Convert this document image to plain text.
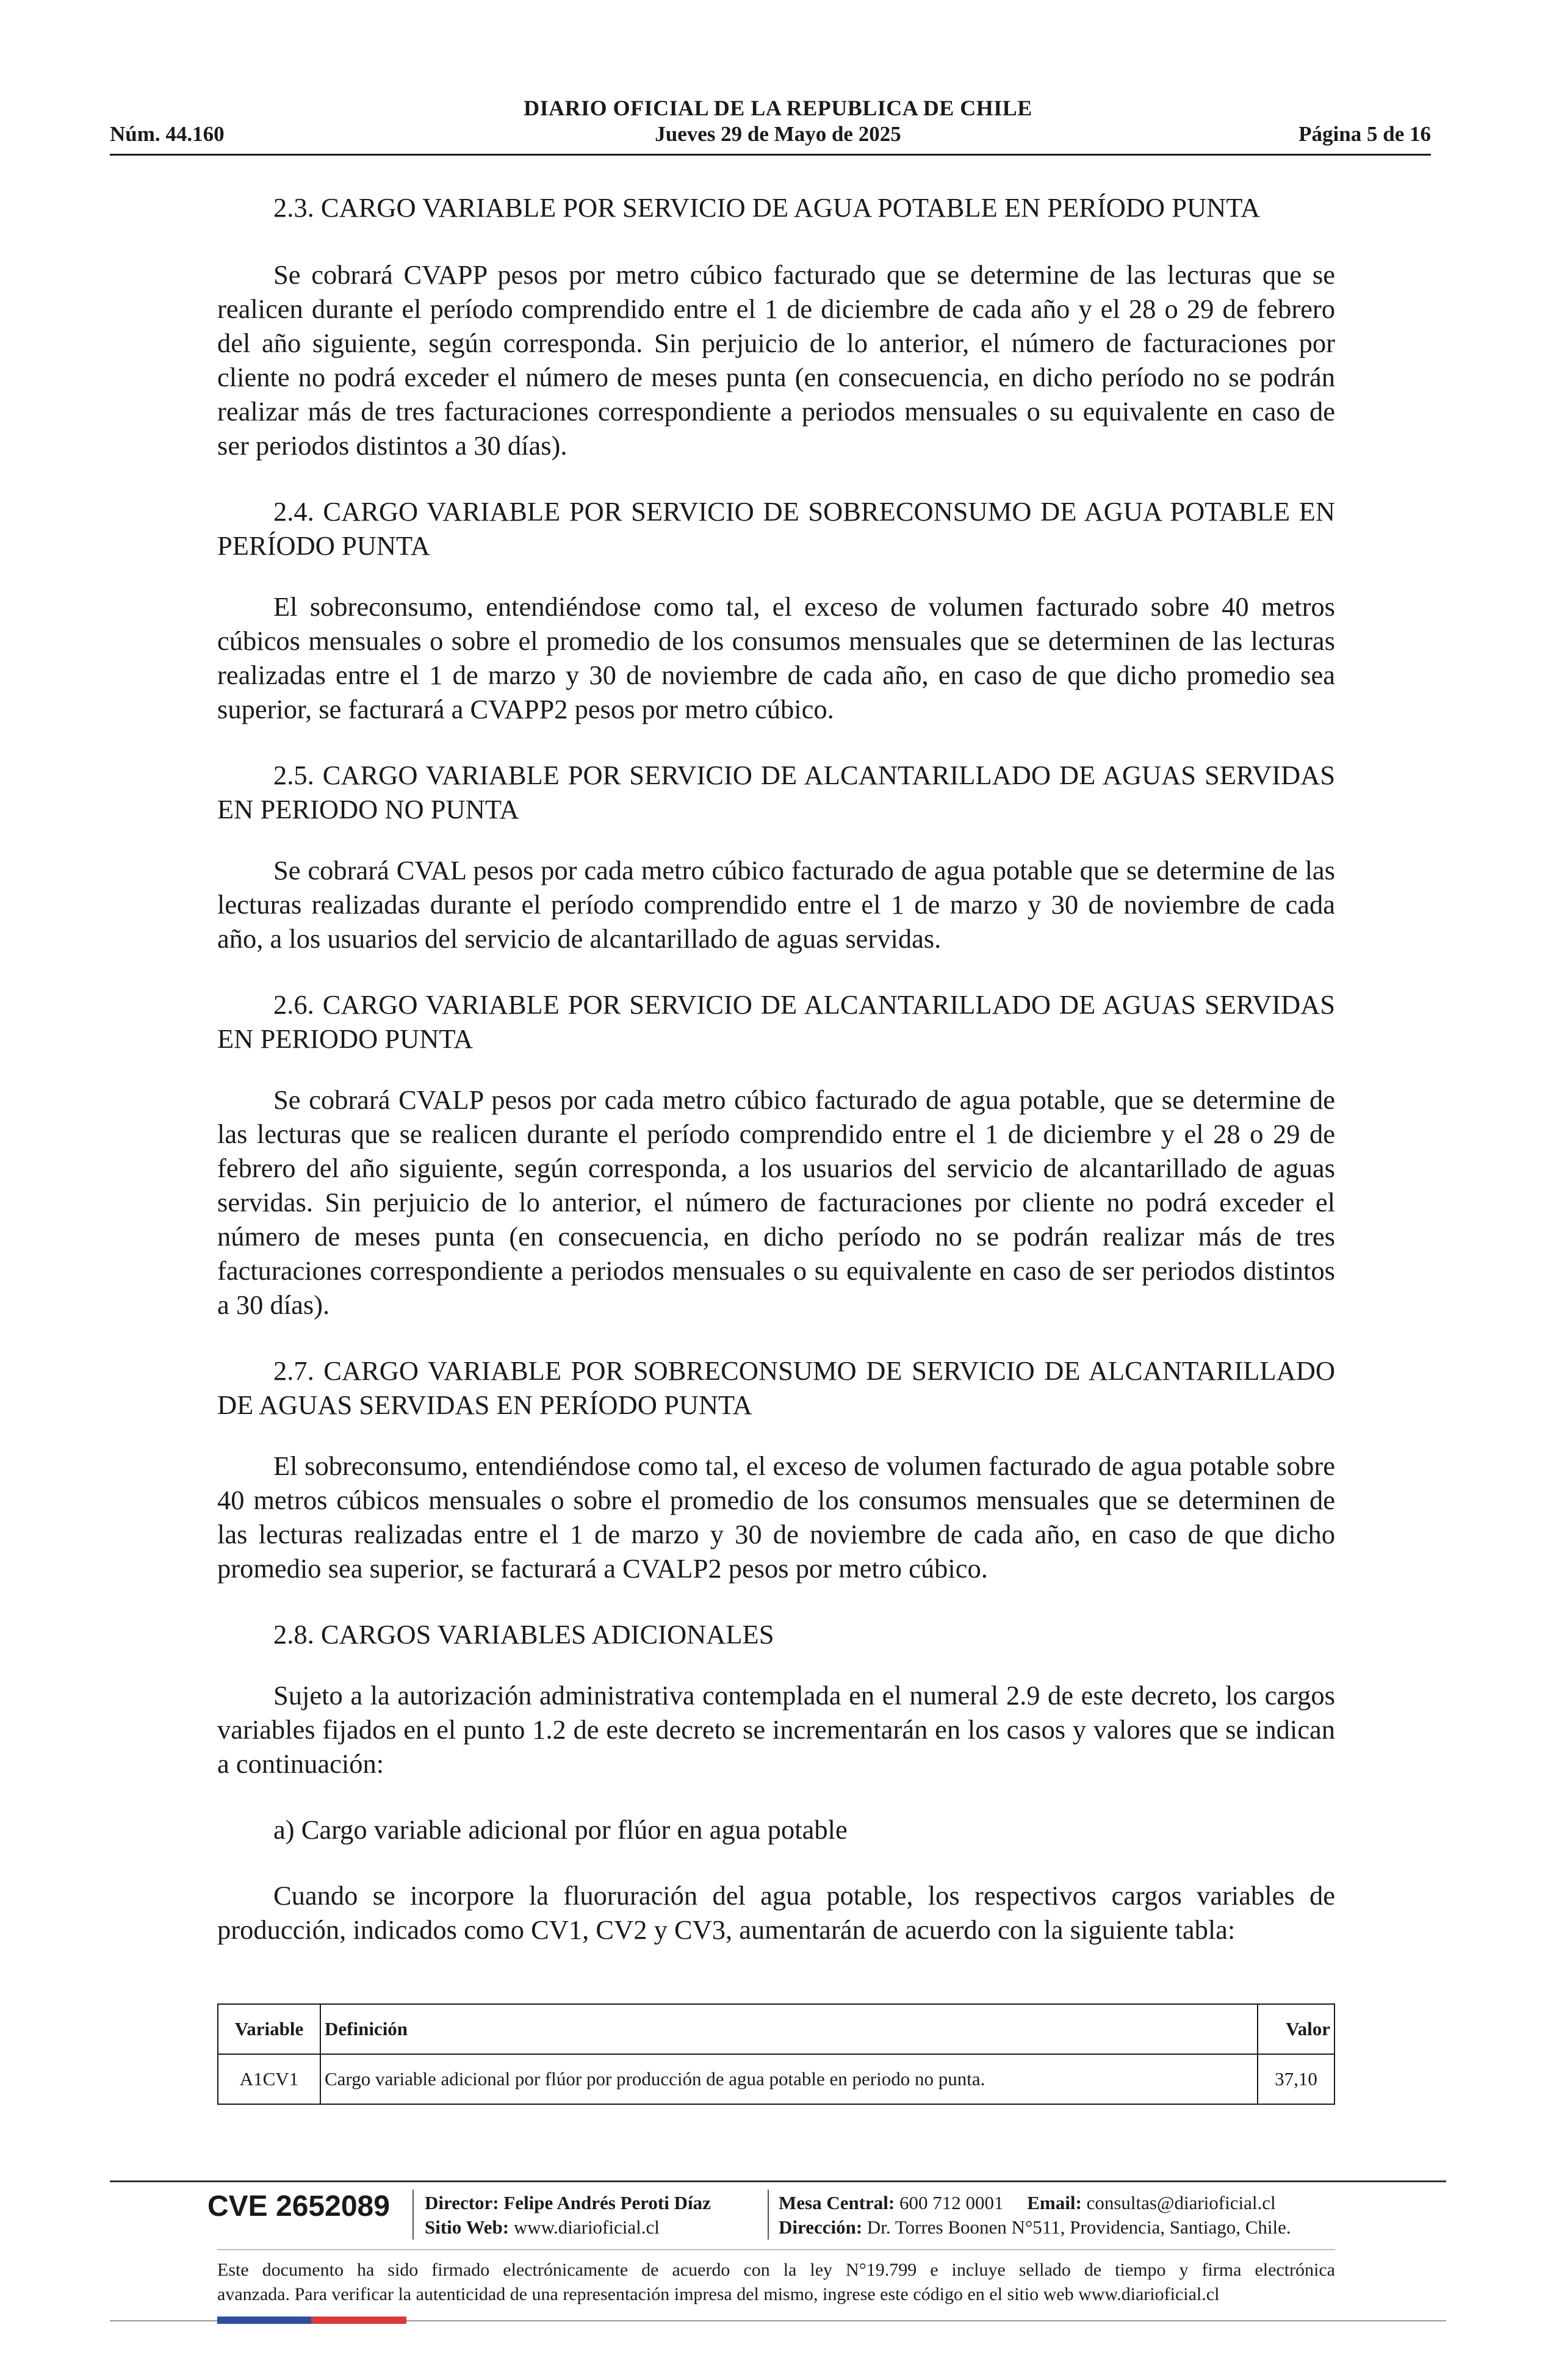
DIARIO OFICIAL DE LA REPUBLICA DE CHILE
Núm. 44.160	Jueves 29 de Mayo de 2025	Página 5 de 16

2.3. CARGO VARIABLE POR SERVICIO DE AGUA POTABLE EN PERÍODO PUNTA

Se cobrará CVAPP pesos por metro cúbico facturado que se determine de las lecturas que se realicen durante el período comprendido entre el 1 de diciembre de cada año y el 28 o 29 de febrero del año siguiente, según corresponda. Sin perjuicio de lo anterior, el número de facturaciones por cliente no podrá exceder el número de meses punta (en consecuencia, en dicho período no se podrán realizar más de tres facturaciones correspondiente a periodos mensuales o su equivalente en caso de ser periodos distintos a 30 días).

2.4. CARGO VARIABLE POR SERVICIO DE SOBRECONSUMO DE AGUA POTABLE EN PERÍODO PUNTA

El sobreconsumo, entendiéndose como tal, el exceso de volumen facturado sobre 40 metros cúbicos mensuales o sobre el promedio de los consumos mensuales que se determinen de las lecturas realizadas entre el 1 de marzo y 30 de noviembre de cada año, en caso de que dicho promedio sea superior, se facturará a CVAPP2 pesos por metro cúbico.

2.5. CARGO VARIABLE POR SERVICIO DE ALCANTARILLADO DE AGUAS SERVIDAS EN PERIODO NO PUNTA

Se cobrará CVAL pesos por cada metro cúbico facturado de agua potable que se determine de las lecturas realizadas durante el período comprendido entre el 1 de marzo y 30 de noviembre de cada año, a los usuarios del servicio de alcantarillado de aguas servidas.

2.6. CARGO VARIABLE POR SERVICIO DE ALCANTARILLADO DE AGUAS SERVIDAS EN PERIODO PUNTA

Se cobrará CVALP pesos por cada metro cúbico facturado de agua potable, que se determine de las lecturas que se realicen durante el período comprendido entre el 1 de diciembre y el 28 o 29 de febrero del año siguiente, según corresponda, a los usuarios del servicio de alcantarillado de aguas servidas. Sin perjuicio de lo anterior, el número de facturaciones por cliente no podrá exceder el número de meses punta (en consecuencia, en dicho período no se podrán realizar más de tres facturaciones correspondiente a periodos mensuales o su equivalente en caso de ser periodos distintos a 30 días).

2.7. CARGO VARIABLE POR SOBRECONSUMO DE SERVICIO DE ALCANTARILLADO DE AGUAS SERVIDAS EN PERÍODO PUNTA

El sobreconsumo, entendiéndose como tal, el exceso de volumen facturado de agua potable sobre 40 metros cúbicos mensuales o sobre el promedio de los consumos mensuales que se determinen de las lecturas realizadas entre el 1 de marzo y 30 de noviembre de cada año, en caso de que dicho promedio sea superior, se facturará a CVALP2 pesos por metro cúbico.

2.8. CARGOS VARIABLES ADICIONALES

Sujeto a la autorización administrativa contemplada en el numeral 2.9 de este decreto, los cargos variables fijados en el punto 1.2 de este decreto se incrementarán en los casos y valores que se indican a continuación:

a) Cargo variable adicional por flúor en agua potable

Cuando se incorpore la fluoruración del agua potable, los respectivos cargos variables de producción, indicados como CV1, CV2 y CV3, aumentarán de acuerdo con la siguiente tabla:

Variable	Definición	Valor
A1CV1	Cargo variable adicional por flúor por producción de agua potable en periodo no punta.	37,10
CVE 2652089 Director: Felipe Andrés Peroti Díaz
Sitio Web: www.diarioficial.cl
Mesa Central: 600 712 0001 Email: consultas@diarioficial.cl
Dirección: Dr. Torres Boonen N°511, Providencia, Santiago, Chile.
Este documento ha sido firmado electrónicamente de acuerdo con la ley N°19.799 e incluye sellado de tiempo y firma electrónica
avanzada. Para verificar la autenticidad de una representación impresa del mismo, ingrese este código en el sitio web www.diarioficial.cl
